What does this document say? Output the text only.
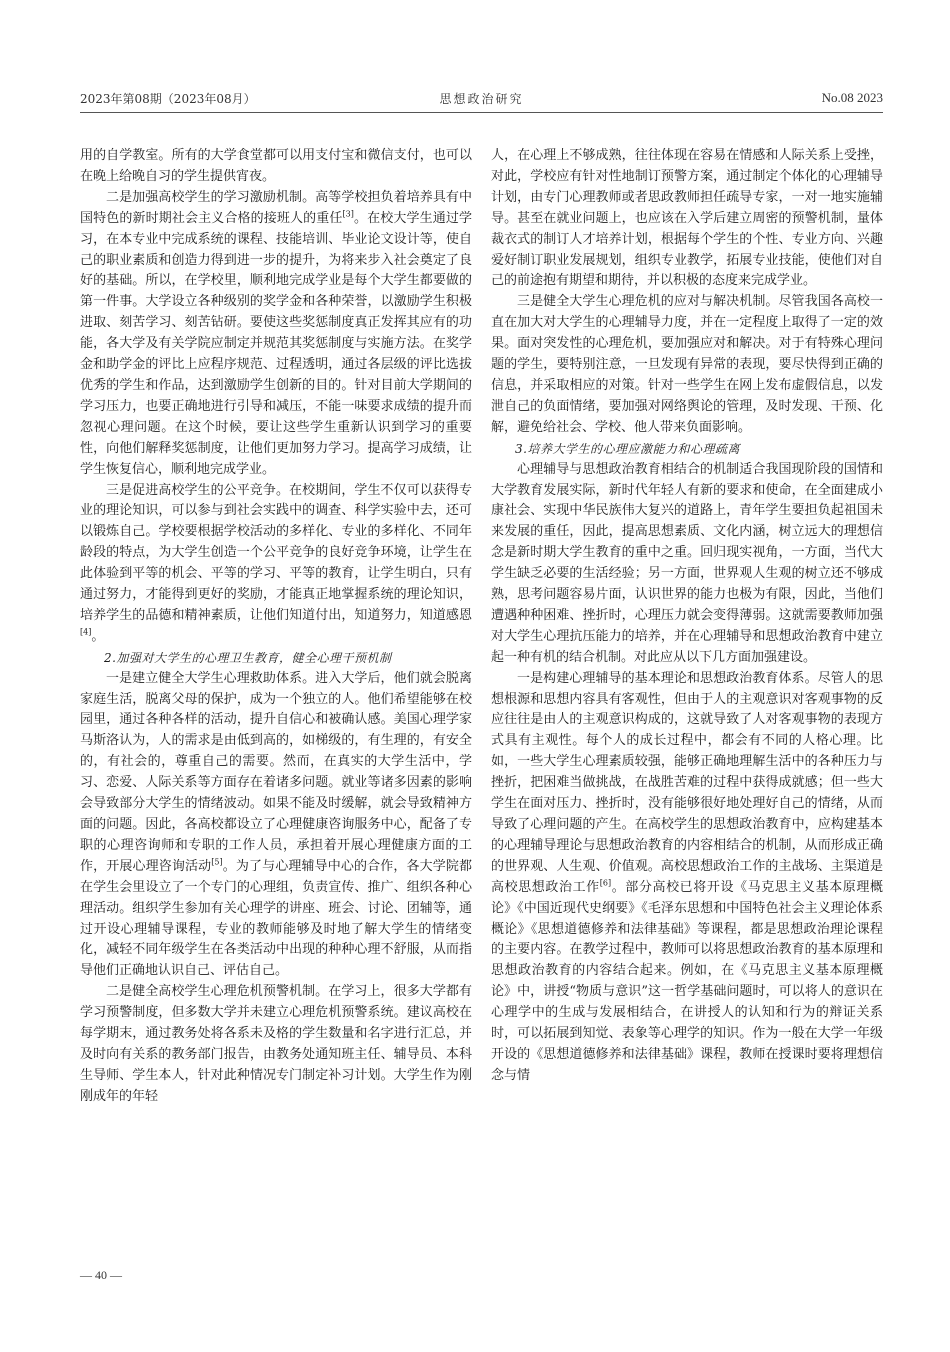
2023年第08期（2023年08月）	思想政治研究	No.08 2023

用的自学教室。所有的大学食堂都可以用支付宝和微信支付，也可以在晚上给晚自习的学生提供宵夜。

二是加强高校学生的学习激励机制。高等学校担负着培养具有中国特色的新时期社会主义合格的接班人的重任[3]。在校大学生通过学习，在本专业中完成系统的课程、技能培训、毕业论文设计等，使自己的职业素质和创造力得到进一步的提升，为将来步入社会奠定了良好的基础。所以，在学校里，顺利地完成学业是每个大学生都要做的第一件事。大学设立各种级别的奖学金和各种荣誉，以激励学生积极进取、刻苦学习、刻苦钻研。要使这些奖惩制度真正发挥其应有的功能，各大学及有关学院应制定并规范其奖惩制度与实施方法。在奖学金和助学金的评比上应程序规范、过程透明，通过各层级的评比选拔优秀的学生和作品，达到激励学生创新的目的。针对目前大学期间的学习压力，也要正确地进行引导和减压，不能一味要求成绩的提升而忽视心理问题。在这个时候，要让这些学生重新认识到学习的重要性，向他们解释奖惩制度，让他们更加努力学习。提高学习成绩，让学生恢复信心，顺利地完成学业。

三是促进高校学生的公平竞争。在校期间，学生不仅可以获得专业的理论知识，可以参与到社会实践中的调查、科学实验中去，还可以锻炼自己。学校要根据学校活动的多样化、专业的多样化、不同年龄段的特点，为大学生创造一个公平竞争的良好竞争环境，让学生在此体验到平等的机会、平等的学习、平等的教育，让学生明白，只有通过努力，才能得到更好的奖励，才能真正地掌握系统的理论知识，培养学生的品德和精神素质，让他们知道付出，知道努力，知道感恩[4]。

2.加强对大学生的心理卫生教育，健全心理干预机制

一是建立健全大学生心理救助体系。进入大学后，他们就会脱离家庭生活，脱离父母的保护，成为一个独立的人。他们希望能够在校园里，通过各种各样的活动，提升自信心和被确认感。美国心理学家马斯洛认为，人的需求是由低到高的，如梯级的，有生理的，有安全的，有社会的，尊重自己的需要。然而，在真实的大学生活中，学习、恋爱、人际关系等方面存在着诸多问题。就业等诸多因素的影响会导致部分大学生的情绪波动。如果不能及时缓解，就会导致精神方面的问题。因此，各高校都设立了心理健康咨询服务中心，配备了专职的心理咨询师和专职的工作人员，承担着开展心理健康方面的工作，开展心理咨询活动[5]。为了与心理辅导中心的合作，各大学院都在学生会里设立了一个专门的心理组，负责宣传、推广、组织各种心理活动。组织学生参加有关心理学的讲座、班会、讨论、团辅等，通过开设心理辅导课程，专业的教师能够及时地了解大学生的情绪变化，减轻不同年级学生在各类活动中出现的种种心理不舒服，从而指导他们正确地认识自己、评估自己。

二是健全高校学生心理危机预警机制。在学习上，很多大学都有学习预警制度，但多数大学并未建立心理危机预警系统。建议高校在每学期末，通过教务处将各系未及格的学生数量和名字进行汇总，并及时向有关系的教务部门报告，由教务处通知班主任、辅导员、本科生导师、学生本人，针对此种情况专门制定补习计划。大学生作为刚刚成年的年轻

人，在心理上不够成熟，往往体现在容易在情感和人际关系上受挫，对此，学校应有针对性地制订预警方案，通过制定个体化的心理辅导计划，由专门心理教师或者思政教师担任疏导专家，一对一地实施辅导。甚至在就业问题上，也应该在入学后建立周密的预警机制，量体裁衣式的制订人才培养计划，根据每个学生的个性、专业方向、兴趣爱好制订职业发展规划，组织专业教学，拓展专业技能，使他们对自己的前途抱有期望和期待，并以积极的态度来完成学业。

三是健全大学生心理危机的应对与解决机制。尽管我国各高校一直在加大对大学生的心理辅导力度，并在一定程度上取得了一定的效果。面对突发性的心理危机，要加强应对和解决。对于有特殊心理问题的学生，要特别注意，一旦发现有异常的表现，要尽快得到正确的信息，并采取相应的对策。针对一些学生在网上发布虚假信息，以发泄自己的负面情绪，要加强对网络舆论的管理，及时发现、干预、化解，避免给社会、学校、他人带来负面影响。

3.培养大学生的心理应激能力和心理疏离

心理辅导与思想政治教育相结合的机制适合我国现阶段的国情和大学教育发展实际，新时代年轻人有新的要求和使命，在全面建成小康社会、实现中华民族伟大复兴的道路上，青年学生要担负起祖国未来发展的重任，因此，提高思想素质、文化内涵，树立远大的理想信念是新时期大学生教育的重中之重。回归现实视角，一方面，当代大学生缺乏必要的生活经验；另一方面，世界观人生观的树立还不够成熟，思考问题容易片面，认识世界的能力也极为有限，因此，当他们遭遇种种困难、挫折时，心理压力就会变得薄弱。这就需要教师加强对大学生心理抗压能力的培养，并在心理辅导和思想政治教育中建立起一种有机的结合机制。对此应从以下几方面加强建设。

一是构建心理辅导的基本理论和思想政治教育体系。尽管人的思想根源和思想内容具有客观性，但由于人的主观意识对客观事物的反应往往是由人的主观意识构成的，这就导致了人对客观事物的表现方式具有主观性。每个人的成长过程中，都会有不同的人格心理。比如，一些大学生心理素质较强，能够正确地理解生活中的各种压力与挫折，把困难当做挑战，在战胜苦难的过程中获得成就感；但一些大学生在面对压力、挫折时，没有能够很好地处理好自己的情绪，从而导致了心理问题的产生。在高校学生的思想政治教育中，应构建基本的心理辅导理论与思想政治教育的内容相结合的机制，从而形成正确的世界观、人生观、价值观。高校思想政治工作的主战场、主渠道是高校思想政治工作[6]。部分高校已将开设《马克思主义基本原理概论》《中国近现代史纲要》《毛泽东思想和中国特色社会主义理论体系概论》《思想道德修养和法律基础》等课程，都是思想政治理论课程的主要内容。在教学过程中，教师可以将思想政治教育的基本原理和思想政治教育的内容结合起来。例如，在《马克思主义基本原理概论》中，讲授“物质与意识”这一哲学基础问题时，可以将人的意识在心理学中的生成与发展相结合，在讲授人的认知和行为的辩证关系时，可以拓展到知觉、表象等心理学的知识。作为一般在大学一年级开设的《思想道德修养和法律基础》课程，教师在授课时要将理想信念与情

— 40 —
